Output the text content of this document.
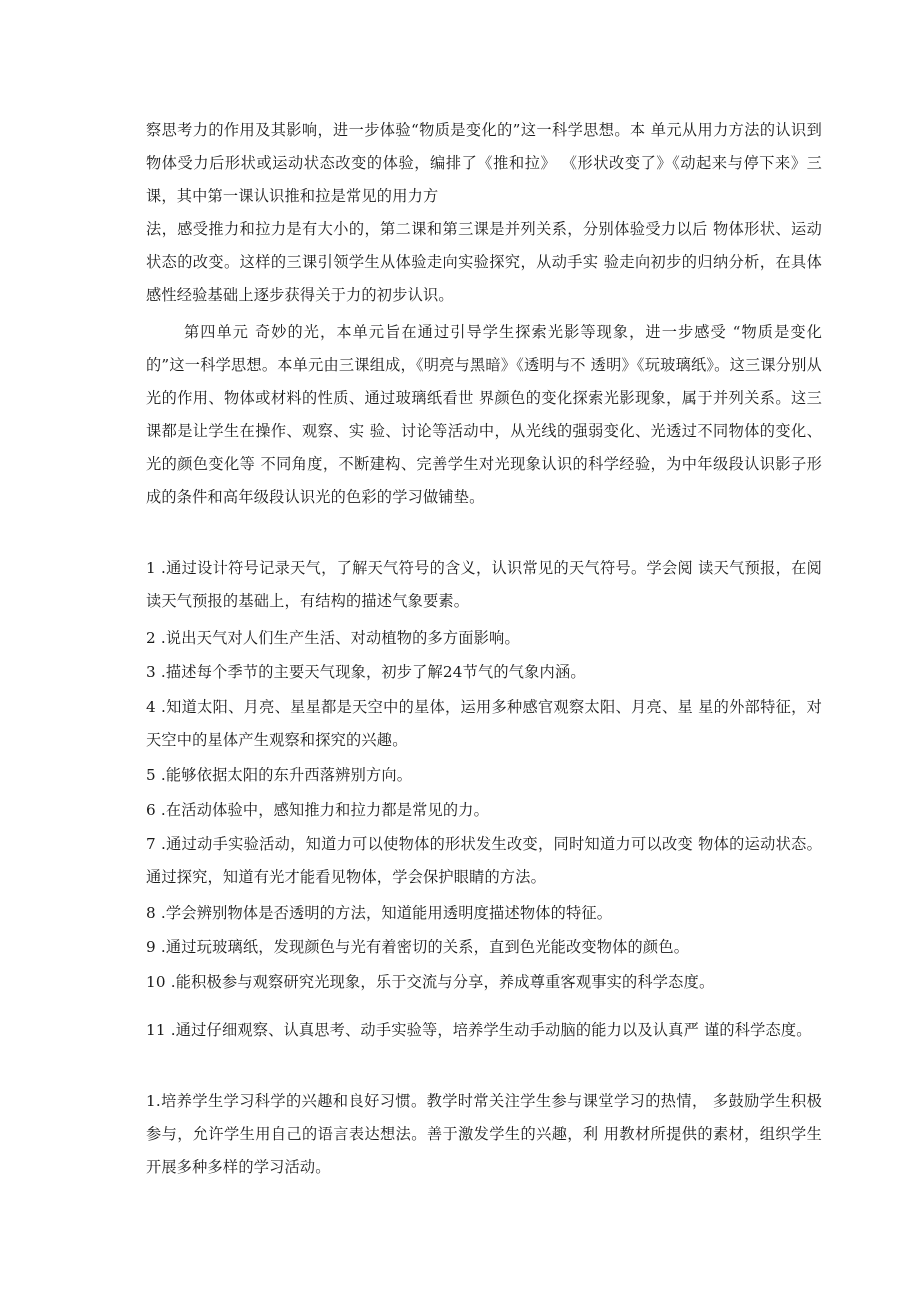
察思考力的作用及其影响，进一步体验“物质是变化的”这一科学思想。本 单元从用力方法的认识到物体受力后形状或运动状态改变的体验，编排了《推和拉》 《形状改变了》《动起来与停下来》三课，其中第一课认识推和拉是常见的用力方

法，感受推力和拉力是有大小的，第二课和第三课是并列关系，分别体验受力以后 物体形状、运动状态的改变。这样的三课引领学生从体验走向实验探究，从动手实 验走向初步的归纳分析，在具体感性经验基础上逐步获得关于力的初步认识。

第四单元 奇妙的光，本单元旨在通过引导学生探索光影等现象，进一步感受 “物质是变化的”这一科学思想。本单元由三课组成，《明亮与黑暗》《透明与不 透明》《玩玻璃纸》。这三课分别从光的作用、物体或材料的性质、通过玻璃纸看世 界颜色的变化探索光影现象，属于并列关系。这三课都是让学生在操作、观察、实 验、讨论等活动中，从光线的强弱变化、光透过不同物体的变化、光的颜色变化等 不同角度，不断建构、完善学生对光现象认识的科学经验，为中年级段认识影子形 成的条件和高年级段认识光的色彩的学习做铺垫。

1 .通过设计符号记录天气，了解天气符号的含义，认识常见的天气符号。学会阅 读天气预报，在阅读天气预报的基础上，有结构的描述气象要素。

2 .说出天气对人们生产生活、对动植物的多方面影响。

3 .描述每个季节的主要天气现象，初步了解24节气的气象内涵。

4 .知道太阳、月亮、星星都是天空中的星体，运用多种感官观察太阳、月亮、星 星的外部特征，对天空中的星体产生观察和探究的兴趣。

5 .能够依据太阳的东升西落辨别方向。

6 .在活动体验中，感知推力和拉力都是常见的力。

7 .通过动手实验活动，知道力可以使物体的形状发生改变，同时知道力可以改变 物体的运动状态。通过探究，知道有光才能看见物体，学会保护眼睛的方法。

8 .学会辨别物体是否透明的方法，知道能用透明度描述物体的特征。

9 .通过玩玻璃纸，发现颜色与光有着密切的关系，直到色光能改变物体的颜色。

10 .能积极参与观察研究光现象，乐于交流与分享，养成尊重客观事实的科学态度。

11 .通过仔细观察、认真思考、动手实验等，培养学生动手动脑的能力以及认真严 谨的科学态度。

1.培养学生学习科学的兴趣和良好习惯。教学时常关注学生参与课堂学习的热情， 多鼓励学生积极参与，允许学生用自己的语言表达想法。善于激发学生的兴趣，利 用教材所提供的素材，组织学生开展多种多样的学习活动。
